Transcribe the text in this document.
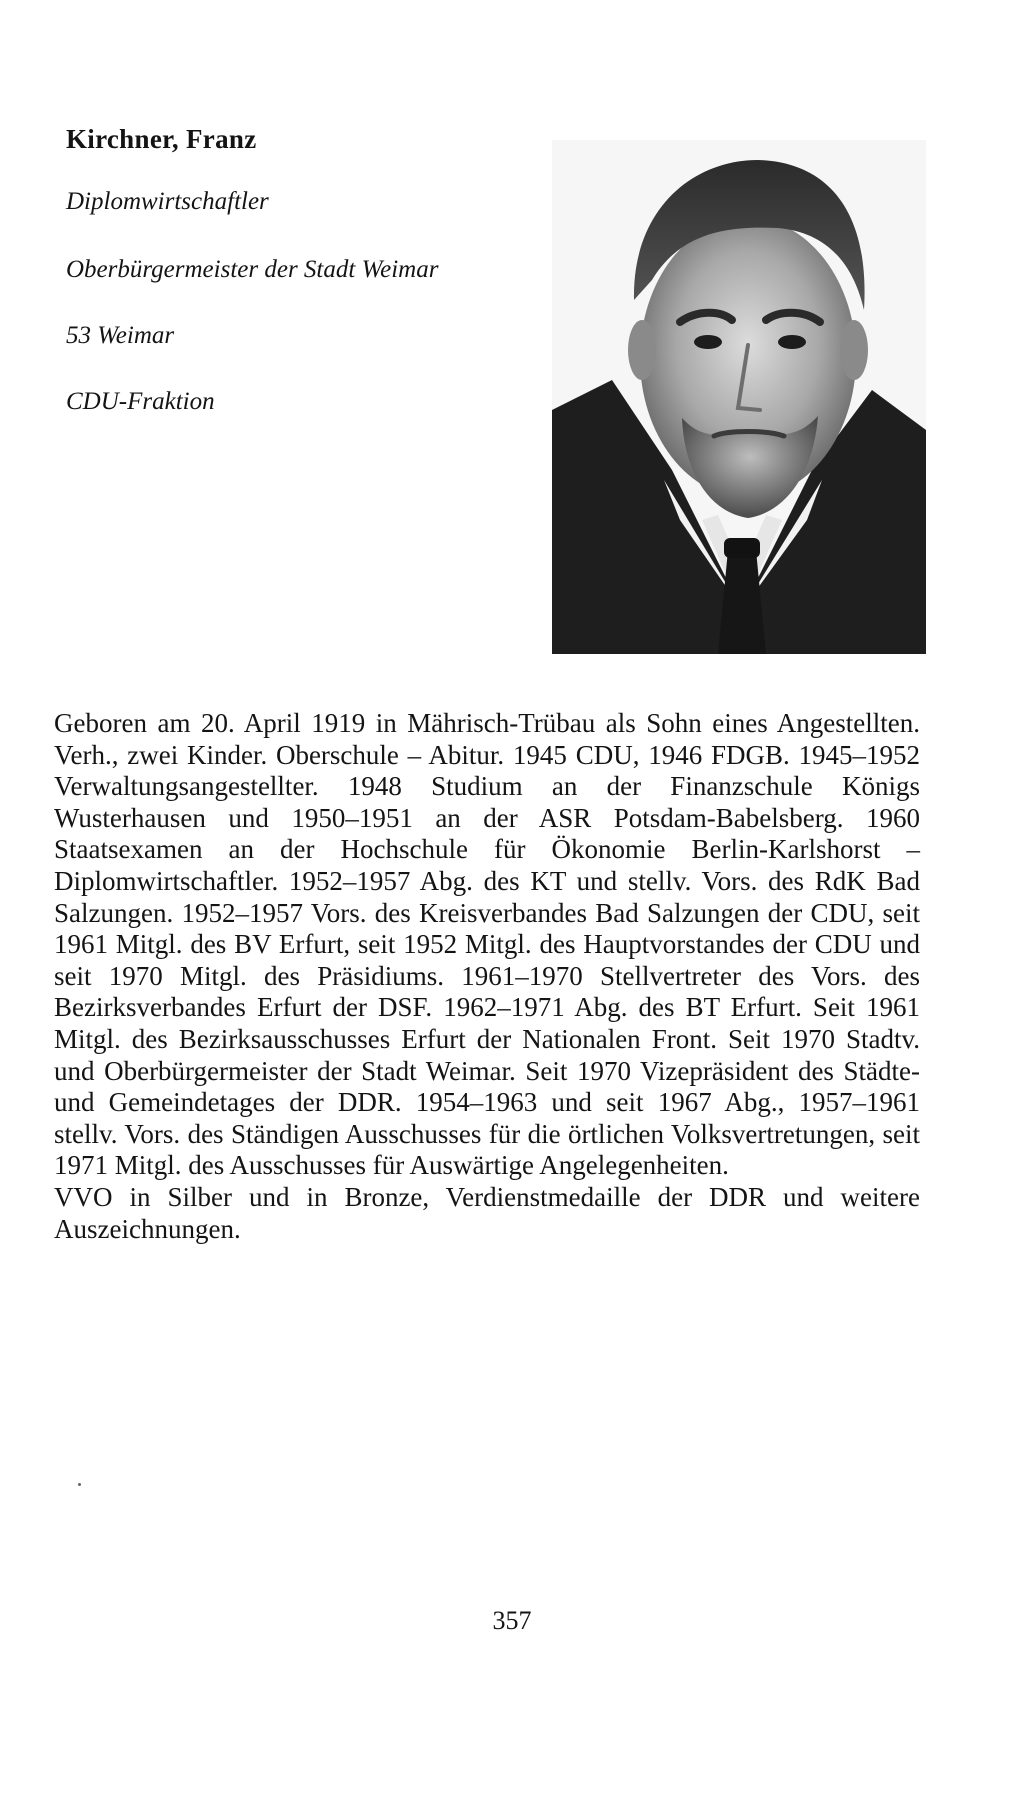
Kirchner, Franz

Diplomwirtschaftler

Oberbürgermeister der Stadt Weimar

53 Weimar

CDU-Fraktion

Geboren am 20. April 1919 in Mährisch-Trübau als Sohn eines Angestellten. Verh., zwei Kinder. Oberschule – Abitur. 1945 CDU, 1946 FDGB. 1945–1952 Verwaltungsangestellter. 1948 Studium an der Finanzschule Königs Wusterhausen und 1950–1951 an der ASR Potsdam-Babelsberg. 1960 Staatsexamen an der Hochschule für Ökonomie Berlin-Karlshorst – Diplomwirtschaftler. 1952–1957 Abg. des KT und stellv. Vors. des RdK Bad Salzungen. 1952–1957 Vors. des Kreisverbandes Bad Salzungen der CDU, seit 1961 Mitgl. des BV Erfurt, seit 1952 Mitgl. des Hauptvorstandes der CDU und seit 1970 Mitgl. des Präsidiums. 1961–1970 Stellvertreter des Vors. des Bezirksverbandes Erfurt der DSF. 1962–1971 Abg. des BT Erfurt. Seit 1961 Mitgl. des Bezirksausschusses Erfurt der Nationalen Front. Seit 1970 Stadtv. und Oberbürgermeister der Stadt Weimar. Seit 1970 Vizepräsident des Städte- und Gemeindetages der DDR. 1954–1963 und seit 1967 Abg., 1957–1961 stellv. Vors. des Ständigen Ausschusses für die örtlichen Volksvertretungen, seit 1971 Mitgl. des Ausschusses für Auswärtige Angelegenheiten.

VVO in Silber und in Bronze, Verdienstmedaille der DDR und weitere Auszeichnungen.

357
